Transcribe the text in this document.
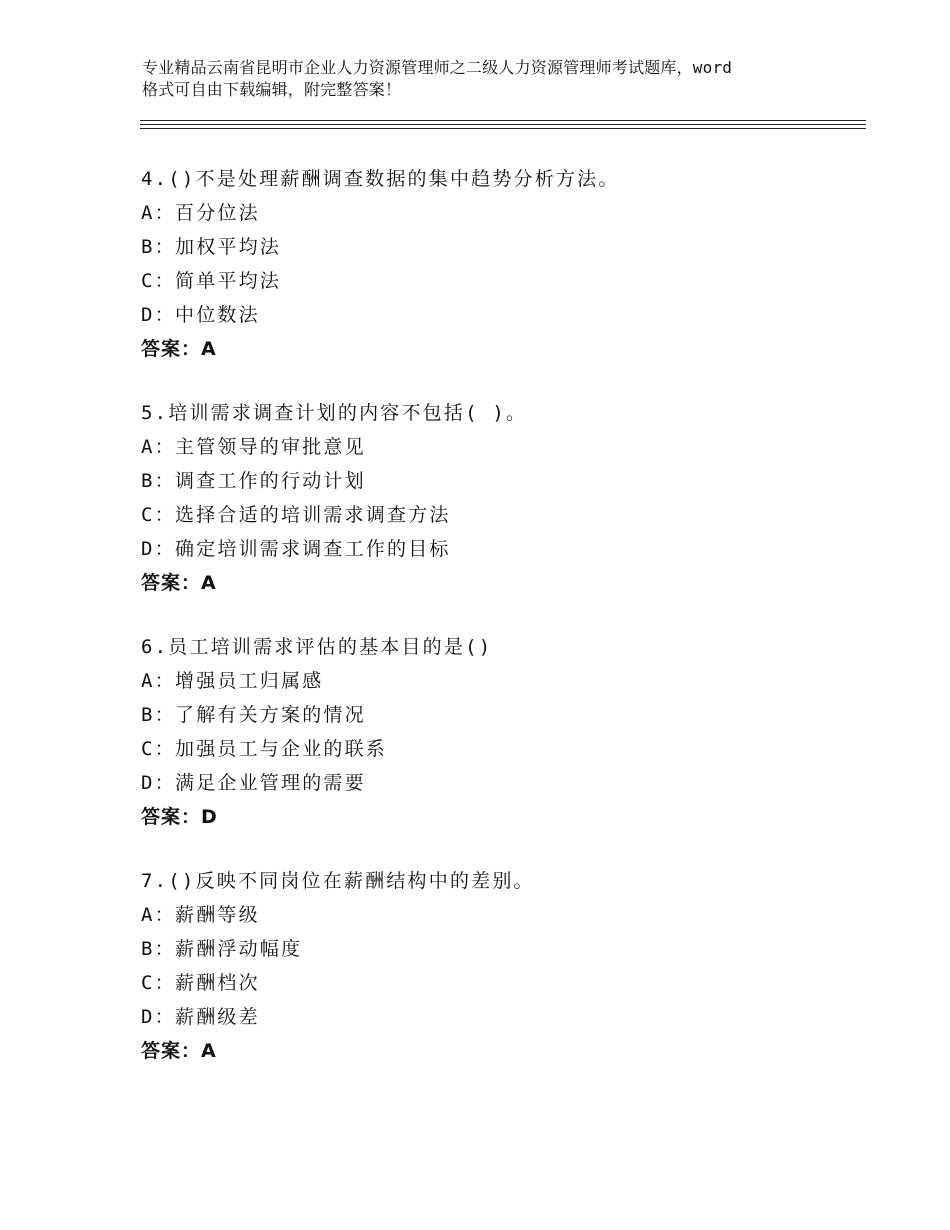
专业精品云南省昆明市企业人力资源管理师之二级人力资源管理师考试题库，word
格式可自由下载编辑，附完整答案！
4.()不是处理薪酬调查数据的集中趋势分析方法。
A：百分位法
B：加权平均法
C：简单平均法
D：中位数法
答案：A
5.培训需求调查计划的内容不包括( )。
A：主管领导的审批意见
B：调查工作的行动计划
C：选择合适的培训需求调查方法
D：确定培训需求调查工作的目标
答案：A
6.员工培训需求评估的基本目的是()
A：增强员工归属感
B：了解有关方案的情况
C：加强员工与企业的联系
D：满足企业管理的需要
答案：D
7.()反映不同岗位在薪酬结构中的差别。
A：薪酬等级
B：薪酬浮动幅度
C：薪酬档次
D：薪酬级差
答案：A
